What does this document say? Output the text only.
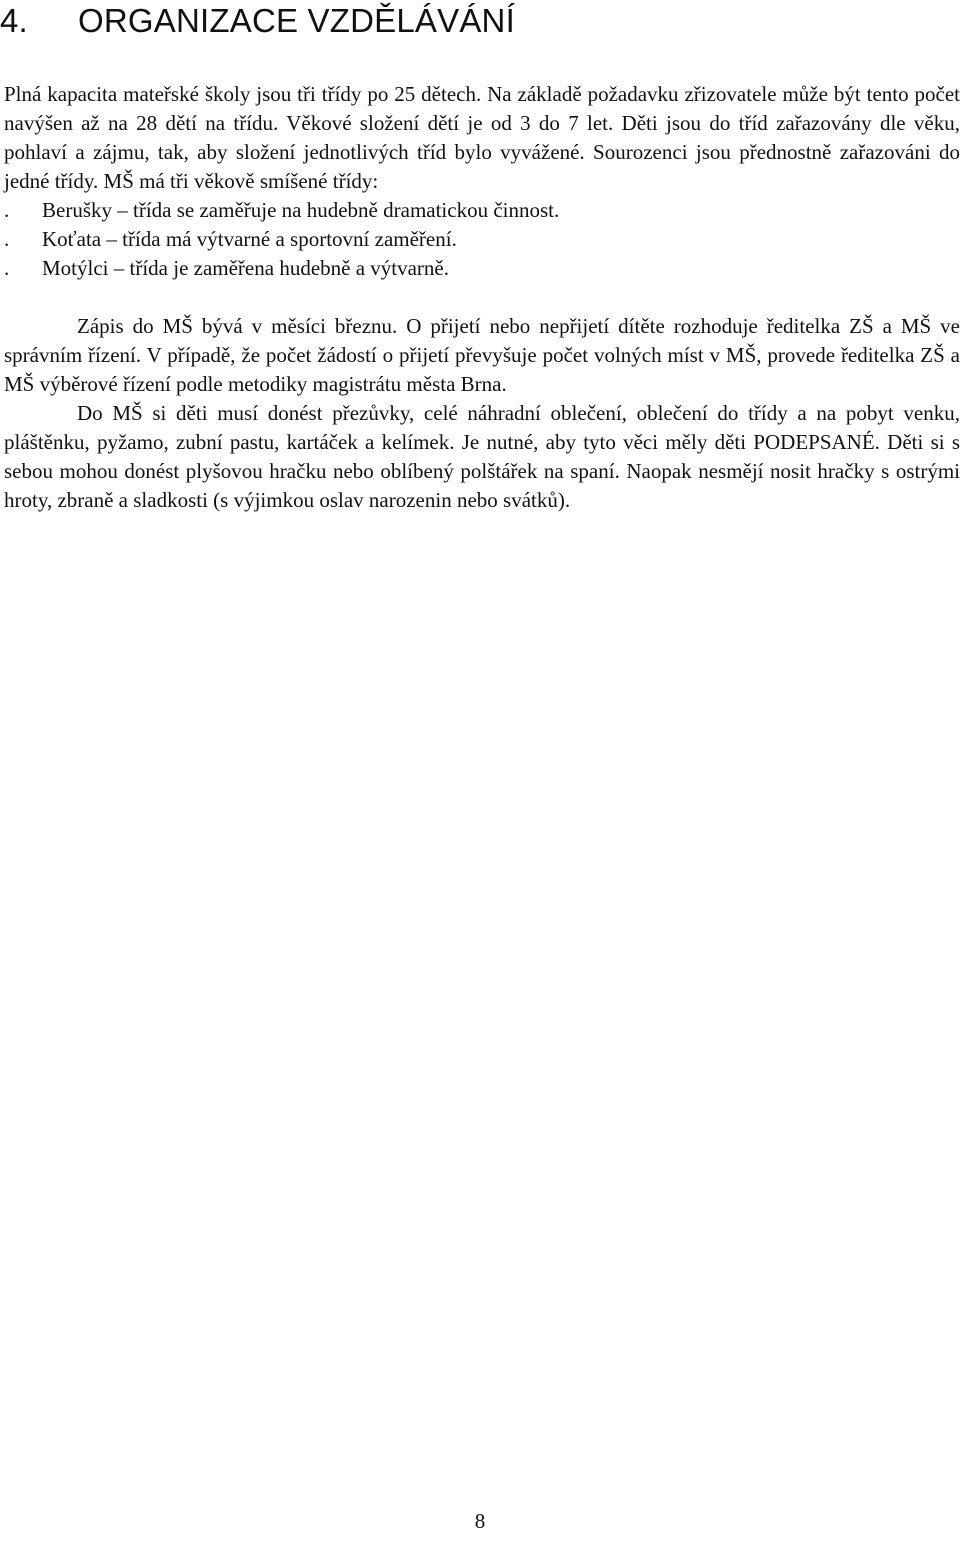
4. ORGANIZACE VZDĚLÁVÁNÍ

Plná kapacita mateřské školy jsou tři třídy po 25 dětech. Na základě požadavku zřizovatele může být tento počet navýšen až na 28 dětí na třídu. Věkové složení dětí je od 3 do 7 let. Děti jsou do tříd zařazovány dle věku, pohlaví a zájmu, tak, aby složení jednotlivých tříd bylo vyvážené. Sourozenci jsou přednostně zařazováni do jedné třídy. MŠ má tři věkově smíšené třídy:

. Berušky – třída se zaměřuje na hudebně dramatickou činnost.
. Koťata – třída má výtvarné a sportovní zaměření.
. Motýlci – třída je zaměřena hudebně a výtvarně.

Zápis do MŠ bývá v měsíci březnu. O přijetí nebo nepřijetí dítěte rozhoduje ředitelka ZŠ a MŠ ve správním řízení. V případě, že počet žádostí o přijetí převyšuje počet volných míst v MŠ, provede ředitelka ZŠ a MŠ výběrové řízení podle metodiky magistrátu města Brna.

Do MŠ si děti musí donést přezůvky, celé náhradní oblečení, oblečení do třídy a na pobyt venku, pláštěnku, pyžamo, zubní pastu, kartáček a kelímek. Je nutné, aby tyto věci měly děti PODEPSANÉ. Děti si s sebou mohou donést plyšovou hračku nebo oblíbený polštářek na spaní. Naopak nesmějí nosit hračky s ostrými hroty, zbraně a sladkosti (s výjimkou oslav narozenin nebo svátků).

8
